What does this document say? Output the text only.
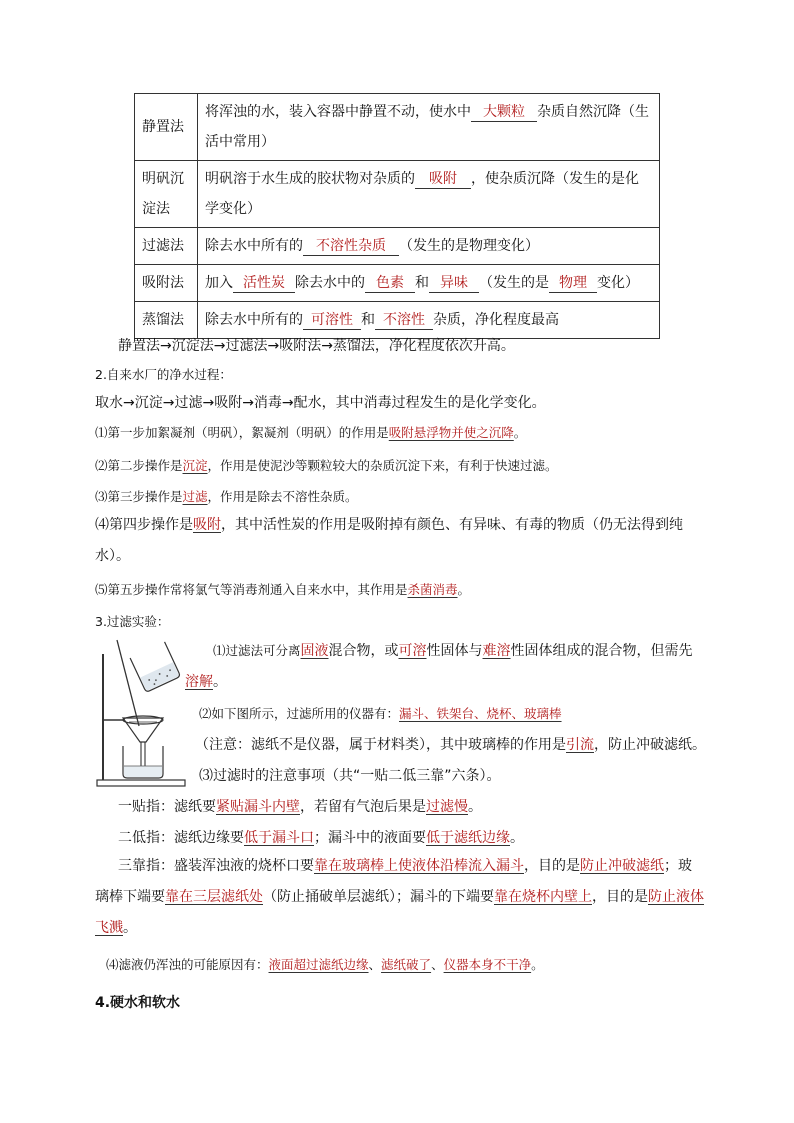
静置法	将浑浊的水，装入容器中静置不动，使水中 大颗粒 杂质自然沉降（生活中常用）
明矾沉淀法	明矾溶于水生成的胶状物对杂质的 吸附 ，使杂质沉降（发生的是化学变化）
过滤法	除去水中所有的 不溶性杂质 （发生的是物理变化）
吸附法	加入 活性炭 除去水中的 色素 和 异味 （发生的是 物理 变化）
蒸馏法	除去水中所有的 可溶性 和 不溶性 杂质，净化程度最高
静置法→沉淀法→过滤法→吸附法→蒸馏法，净化程度依次升高。
2.自来水厂的净水过程：
取水→沉淀→过滤→吸附→消毒→配水，其中消毒过程发生的是化学变化。
⑴第一步加絮凝剂（明矾），絮凝剂（明矾）的作用是吸附悬浮物并使之沉降。
⑵第二步操作是沉淀，作用是使泥沙等颗粒较大的杂质沉淀下来，有利于快速过滤。
⑶第三步操作是过滤，作用是除去不溶性杂质。
⑷第四步操作是吸附，其中活性炭的作用是吸附掉有颜色、有异味、有毒的物质（仍无法得到纯水）。
⑸第五步操作常将氯气等消毒剂通入自来水中，其作用是杀菌消毒。
3.过滤实验：
⑴过滤法可分离固液混合物，或可溶性固体与难溶性固体组成的混合物，但需先
溶解。
⑵如下图所示，过滤所用的仪器有：漏斗、铁架台、烧杯、玻璃棒
（注意：滤纸不是仪器，属于材料类），其中玻璃棒的作用是引流，防止冲破滤纸。
⑶过滤时的注意事项（共“一贴二低三靠”六条）。
一贴指：滤纸要紧贴漏斗内壁，若留有气泡后果是过滤慢。
二低指：滤纸边缘要低于漏斗口；漏斗中的液面要低于滤纸边缘。
三靠指：盛装浑浊液的烧杯口要靠在玻璃棒上使液体沿棒流入漏斗，目的是防止冲破滤纸；玻璃棒下端要靠在三层滤纸处（防止捅破单层滤纸）；漏斗的下端要靠在烧杯内壁上，目的是防止液体飞溅。
⑷滤液仍浑浊的可能原因有：液面超过滤纸边缘、滤纸破了、仪器本身不干净。
4.硬水和软水
